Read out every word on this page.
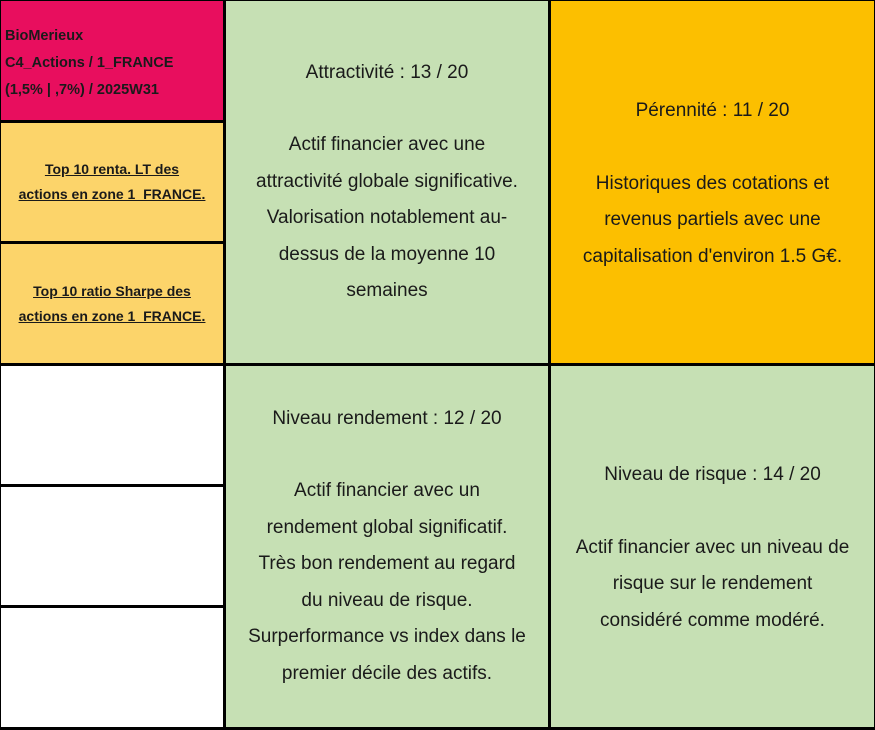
BioMerieux
C4_Actions / 1_FRANCE
(1,5% | ,7%) / 2025W31
Top 10 renta. LT des
actions en zone 1_FRANCE.
Top 10 ratio Sharpe des
actions en zone 1_FRANCE.
Attractivité : 13 / 20
Actif financier avec une
attractivité globale significative.
Valorisation notablement au-
dessus de la moyenne 10
semaines
Pérennité : 11 / 20
Historiques des cotations et
revenus partiels avec une
capitalisation d'environ 1.5 G€.
Niveau rendement : 12 / 20
Actif financier avec un
rendement global significatif.
Très bon rendement au regard
du niveau de risque.
Surperformance vs index dans le
premier décile des actifs.
Niveau de risque : 14 / 20
Actif financier avec un niveau de
risque sur le rendement
considéré comme modéré.
